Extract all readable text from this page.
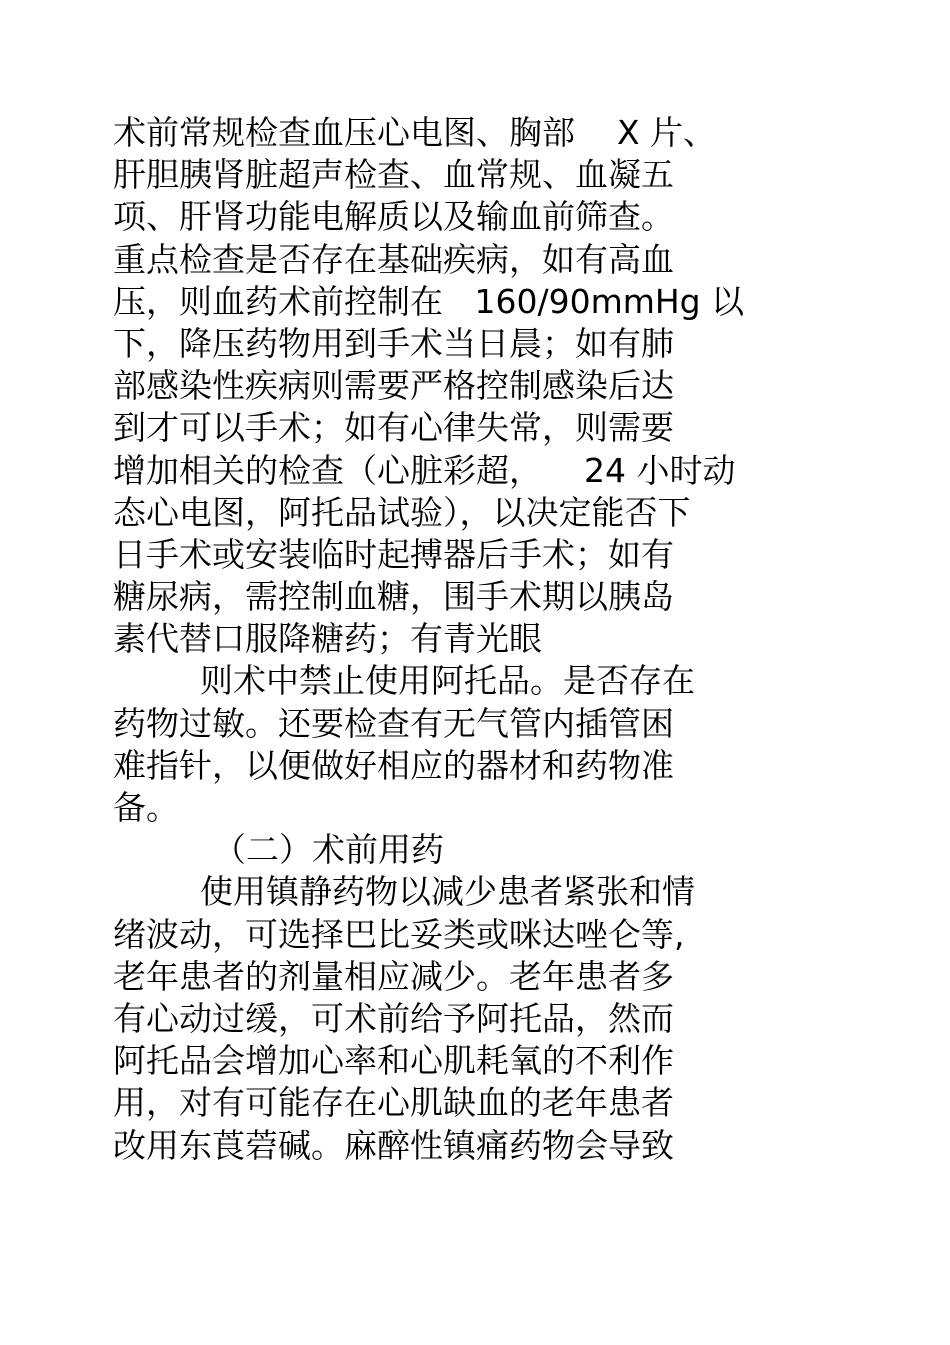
术前常规检查血压心电图、胸部    X 片、
肝胆胰肾脏超声检查、血常规、血凝五
项、肝肾功能电解质以及输血前筛查。
重点检查是否存在基础疾病，如有高血
压，则血药术前控制在   160/90mmHg 以
下，降压药物用到手术当日晨；如有肺
部感染性疾病则需要严格控制感染后达
到才可以手术；如有心律失常，则需要
增加相关的检查（心脏彩超，    24 小时动
态心电图，阿托品试验），以决定能否下
日手术或安装临时起搏器后手术；如有
糖尿病，需控制血糖，围手术期以胰岛
素代替口服降糖药；有青光眼
则术中禁止使用阿托品。是否存在
药物过敏。还要检查有无气管内插管困
难指针，以便做好相应的器材和药物准
备。
（二）术前用药
使用镇静药物以减少患者紧张和情
绪波动，可选择巴比妥类或咪达唑仑等,
老年患者的剂量相应减少。老年患者多
有心动过缓，可术前给予阿托品，然而
阿托品会增加心率和心肌耗氧的不利作
用，对有可能存在心肌缺血的老年患者
改用东莨菪碱。麻醉性镇痛药物会导致
